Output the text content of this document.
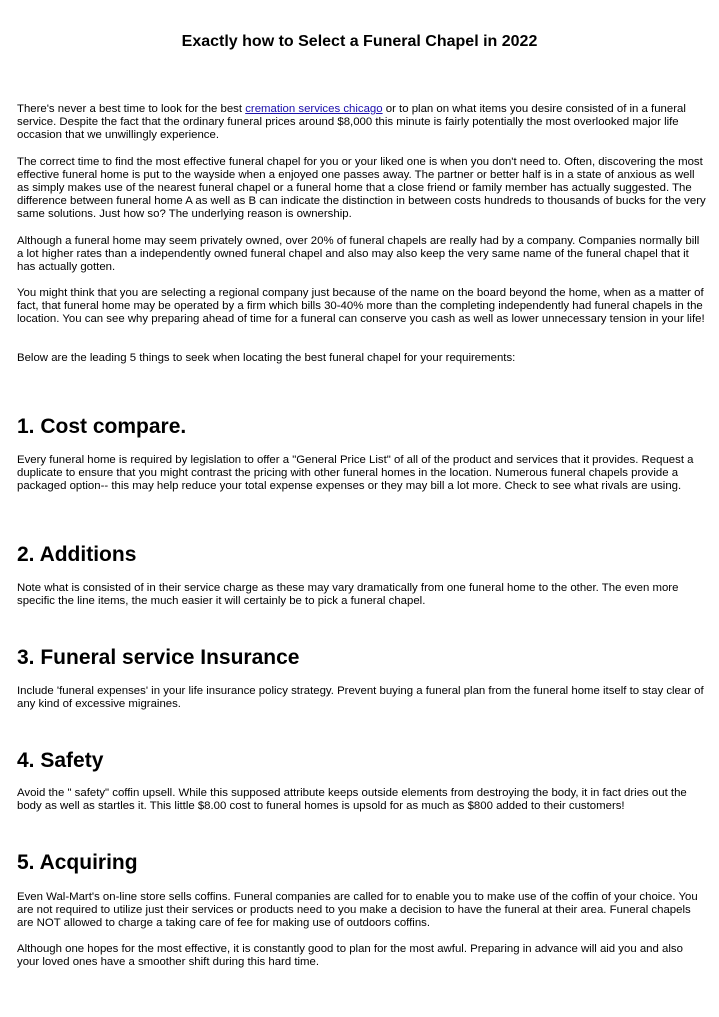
Exactly how to Select a Funeral Chapel in 2022

There's never a best time to look for the best cremation services chicago or to plan on what items you desire consisted of in a funeral service. Despite the fact that the ordinary funeral prices around $8,000 this minute is fairly potentially the most overlooked major life occasion that we unwillingly experience.

The correct time to find the most effective funeral chapel for you or your liked one is when you don't need to. Often, discovering the most effective funeral home is put to the wayside when a enjoyed one passes away. The partner or better half is in a state of anxious as well as simply makes use of the nearest funeral chapel or a funeral home that a close friend or family member has actually suggested. The difference between funeral home A as well as B can indicate the distinction in between costs hundreds to thousands of bucks for the very same solutions. Just how so? The underlying reason is ownership.

Although a funeral home may seem privately owned, over 20% of funeral chapels are really had by a company. Companies normally bill a lot higher rates than a independently owned funeral chapel and also may also keep the very same name of the funeral chapel that it has actually gotten.

You might think that you are selecting a regional company just because of the name on the board beyond the home, when as a matter of fact, that funeral home may be operated by a firm which bills 30-40% more than the completing independently had funeral chapels in the location. You can see why preparing ahead of time for a funeral can conserve you cash as well as lower unnecessary tension in your life!

Below are the leading 5 things to seek when locating the best funeral chapel for your requirements:

1. Cost compare.

Every funeral home is required by legislation to offer a "General Price List" of all of the product and services that it provides. Request a duplicate to ensure that you might contrast the pricing with other funeral homes in the location. Numerous funeral chapels provide a packaged option-- this may help reduce your total expense expenses or they may bill a lot more. Check to see what rivals are using.

2. Additions

Note what is consisted of in their service charge as these may vary dramatically from one funeral home to the other. The even more specific the line items, the much easier it will certainly be to pick a funeral chapel.

3. Funeral service Insurance

Include 'funeral expenses' in your life insurance policy strategy. Prevent buying a funeral plan from the funeral home itself to stay clear of any kind of excessive migraines.

4. Safety

Avoid the " safety" coffin upsell. While this supposed attribute keeps outside elements from destroying the body, it in fact dries out the body as well as startles it. This little $8.00 cost to funeral homes is upsold for as much as $800 added to their customers!

5. Acquiring

Even Wal-Mart's on-line store sells coffins. Funeral companies are called for to enable you to make use of the coffin of your choice. You are not required to utilize just their services or products need to you make a decision to have the funeral at their area. Funeral chapels are NOT allowed to charge a taking care of fee for making use of outdoors coffins.

Although one hopes for the most effective, it is constantly good to plan for the most awful. Preparing in advance will aid you and also your loved ones have a smoother shift during this hard time.
